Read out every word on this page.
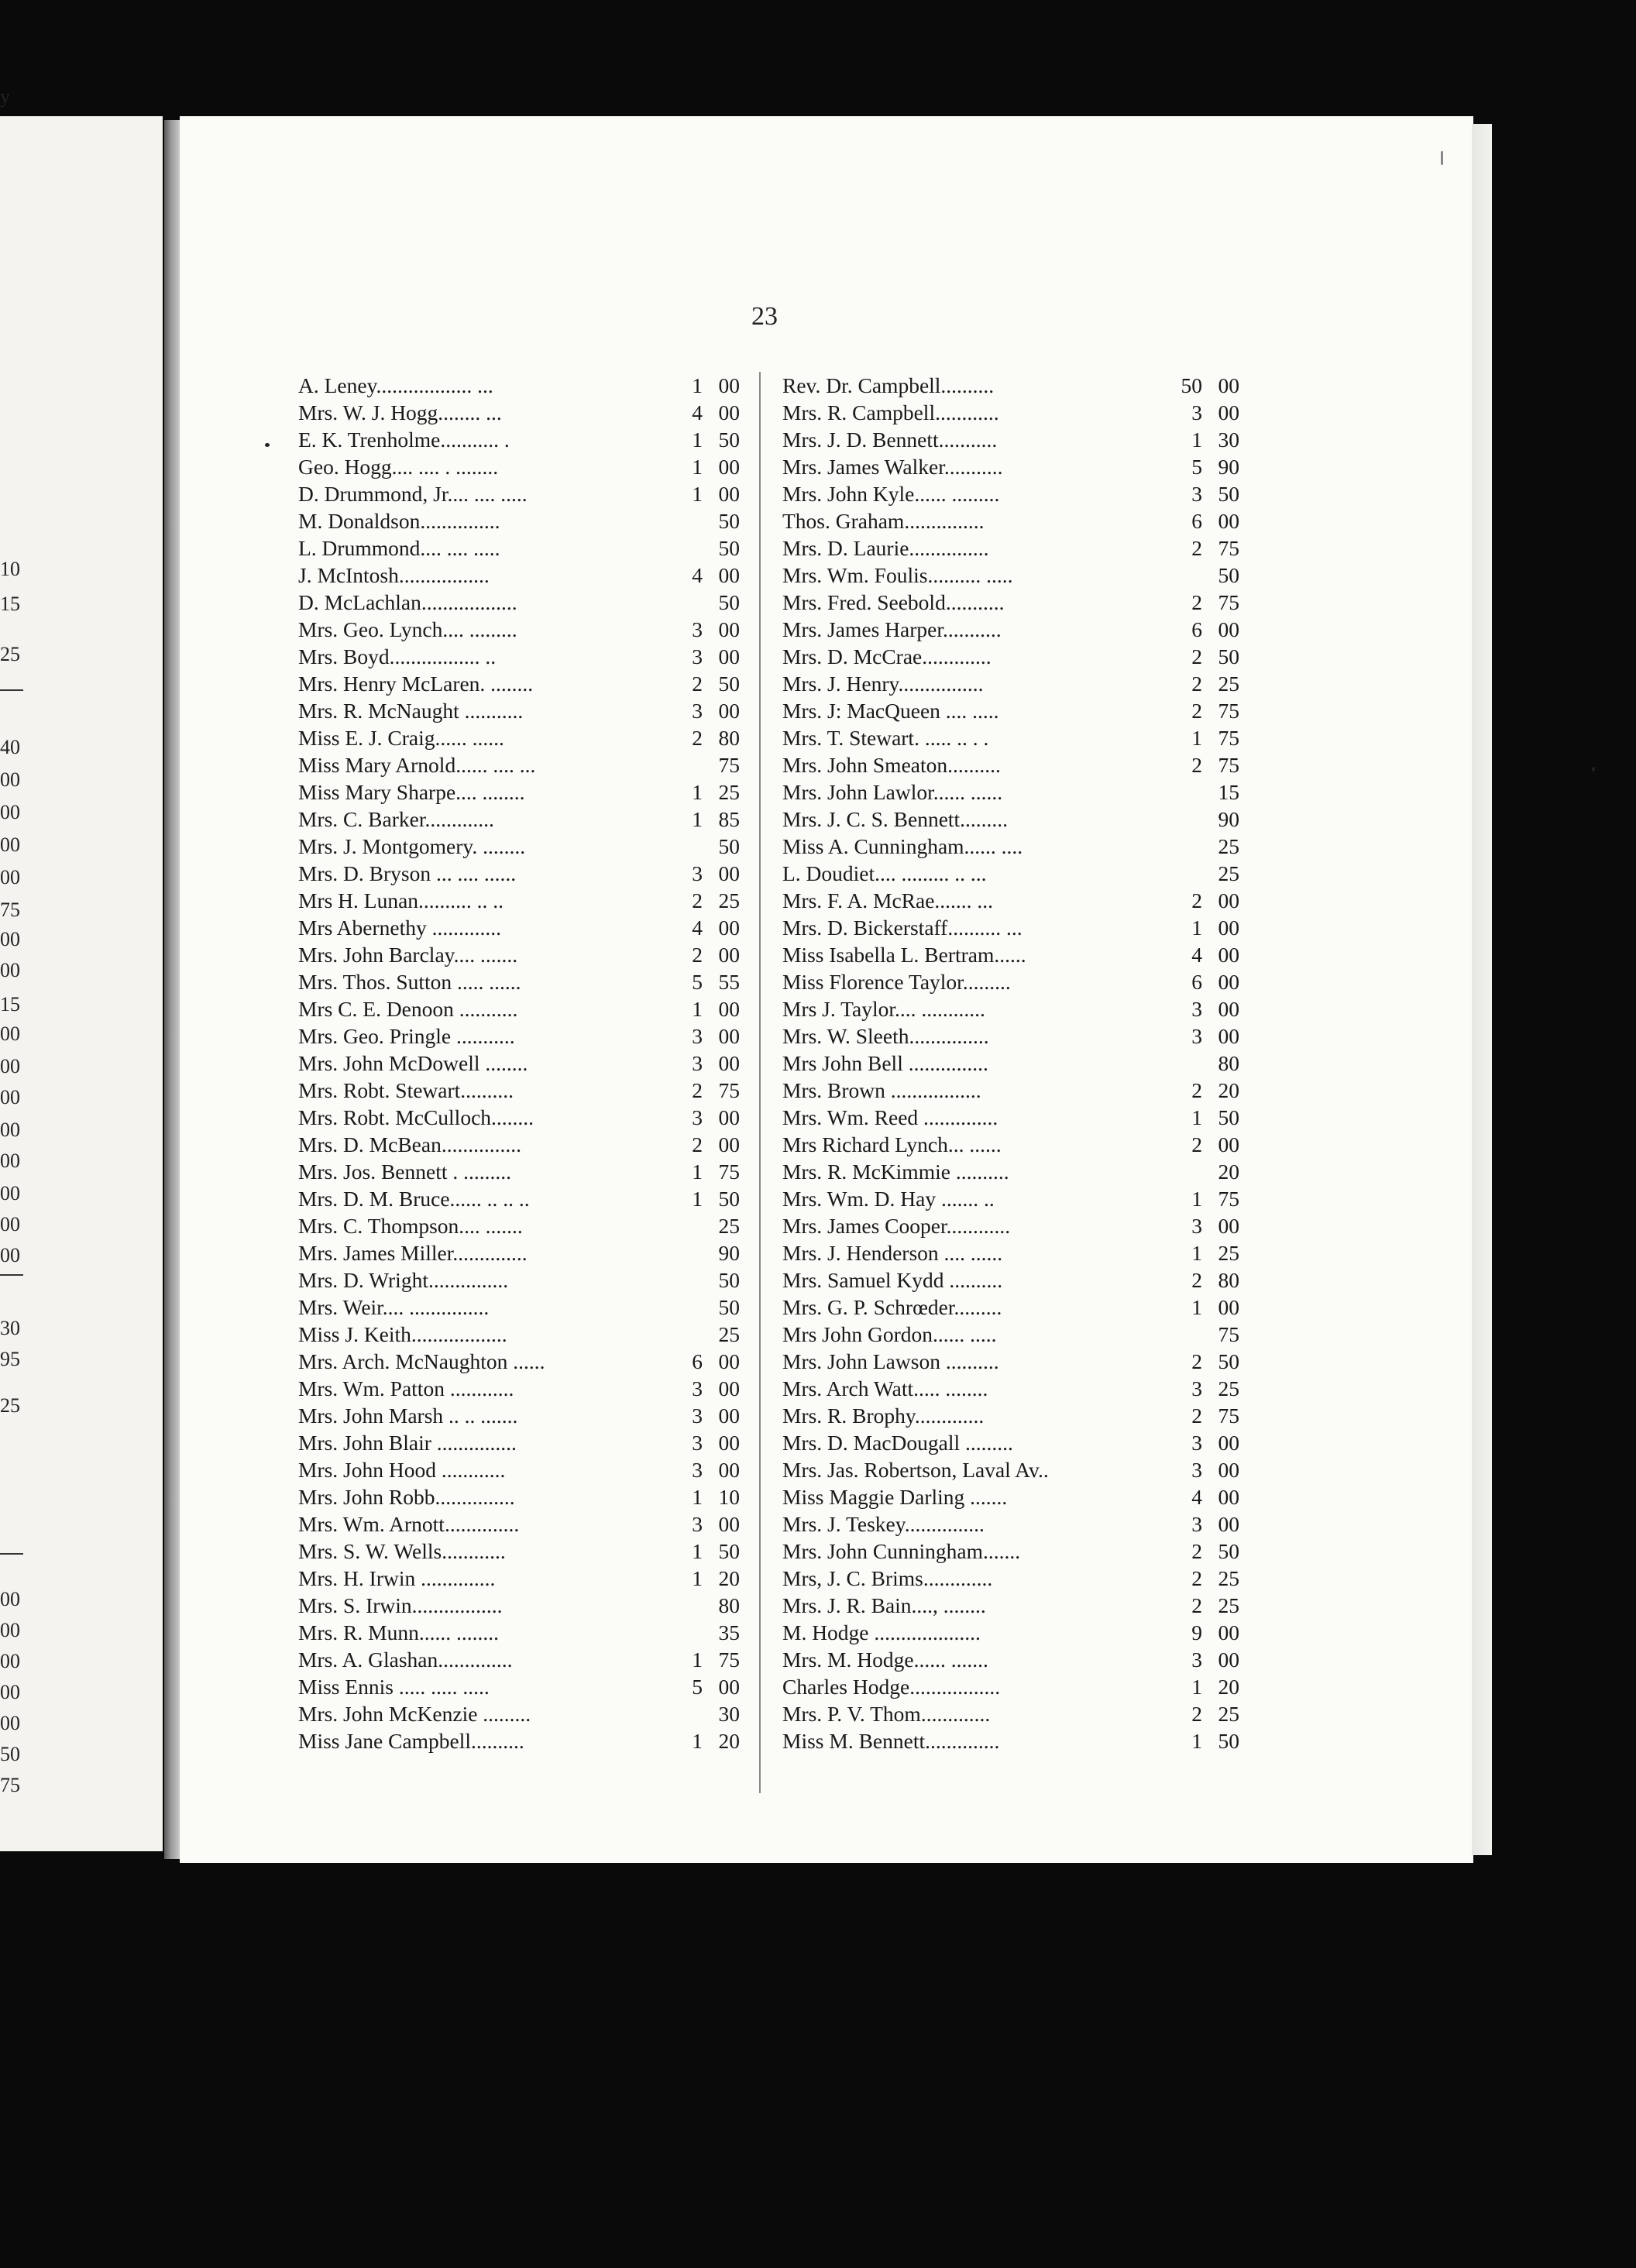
y
10
15
25
40
00
00
00
00
75
00
00
15
00
00
00
00
00
00
00
00
30
95
25
00
00
00
00
00
50
75
23
A. Leney.................. ...	1 00
Mrs. W. J. Hogg........ ...	4 00
E. K. Trenholme........... .	1 50
Geo. Hogg.... .... . ........	1 00
D. Drummond, Jr.... .... .....	1 00
M. Donaldson...............	50
L. Drummond.... .... .....	50
J. McIntosh.................	4 00
D. McLachlan..................	50
Mrs. Geo. Lynch.... .........	3 00
Mrs. Boyd................. ..	3 00
Mrs. Henry McLaren. ........	2 50
Mrs. R. McNaught ...........	3 00
Miss E. J. Craig...... ......	2 80
Miss Mary Arnold...... .... ...	75
Miss Mary Sharpe.... ........	1 25
Mrs. C. Barker.............	1 85
Mrs. J. Montgomery. ........	50
Mrs. D. Bryson ... .... ......	3 00
Mrs H. Lunan.......... .. ..	2 25
Mrs Abernethy .............	4 00
Mrs. John Barclay.... .......	2 00
Mrs. Thos. Sutton ..... ......	5 55
Mrs C. E. Denoon ...........	1 00
Mrs. Geo. Pringle ...........	3 00
Mrs. John McDowell ........	3 00
Mrs. Robt. Stewart..........	2 75
Mrs. Robt. McCulloch........	3 00
Mrs. D. McBean...............	2 00
Mrs. Jos. Bennett . .........	1 75
Mrs. D. M. Bruce...... .. .. ..	1 50
Mrs. C. Thompson.... .......	25
Mrs. James Miller..............	90
Mrs. D. Wright...............	50
Mrs. Weir.... ...............	50
Miss J. Keith..................	25
Mrs. Arch. McNaughton ......	6 00
Mrs. Wm. Patton ............	3 00
Mrs. John Marsh .. .. .......	3 00
Mrs. John Blair ...............	3 00
Mrs. John Hood ............	3 00
Mrs. John Robb...............	1 10
Mrs. Wm. Arnott..............	3 00
Mrs. S. W. Wells............	1 50
Mrs. H. Irwin ..............	1 20
Mrs. S. Irwin.................	80
Mrs. R. Munn...... ........	35
Mrs. A. Glashan..............	1 75
Miss Ennis ..... ..... .....	5 00
Mrs. John McKenzie .........	30
Miss Jane Campbell..........	1 20
Rev. Dr. Campbell..........	50 00
Mrs. R. Campbell............	3 00
Mrs. J. D. Bennett...........	1 30
Mrs. James Walker...........	5 90
Mrs. John Kyle...... .........	3 50
Thos. Graham...............	6 00
Mrs. D. Laurie...............	2 75
Mrs. Wm. Foulis.......... .....	50
Mrs. Fred. Seebold...........	2 75
Mrs. James Harper...........	6 00
Mrs. D. McCrae.............	2 50
Mrs. J. Henry................	2 25
Mrs. J: MacQueen .... .....	2 75
Mrs. T. Stewart. ..... .. . .	1 75
Mrs. John Smeaton..........	2 75
Mrs. John Lawlor...... ......	15
Mrs. J. C. S. Bennett.........	90
Miss A. Cunningham...... ....	25
L. Doudiet.... ......... .. ...	25
Mrs. F. A. McRae....... ...	2 00
Mrs. D. Bickerstaff.......... ...	1 00
Miss Isabella L. Bertram......	4 00
Miss Florence Taylor.........	6 00
Mrs J. Taylor.... ............	3 00
Mrs. W. Sleeth...............	3 00
Mrs John Bell ...............	80
Mrs. Brown .................	2 20
Mrs. Wm. Reed ..............	1 50
Mrs Richard Lynch... ......	2 00
Mrs. R. McKimmie ..........	20
Mrs. Wm. D. Hay ....... ..	1 75
Mrs. James Cooper............	3 00
Mrs. J. Henderson .... ......	1 25
Mrs. Samuel Kydd ..........	2 80
Mrs. G. P. Schrœder.........	1 00
Mrs John Gordon...... .....	75
Mrs. John Lawson ..........	2 50
Mrs. Arch Watt..... ........	3 25
Mrs. R. Brophy.............	2 75
Mrs. D. MacDougall .........	3 00
Mrs. Jas. Robertson, Laval Av..	3 00
Miss Maggie Darling .......	4 00
Mrs. J. Teskey...............	3 00
Mrs. John Cunningham.......	2 50
Mrs, J. C. Brims.............	2 25
Mrs. J. R. Bain...., ........	2 25
M. Hodge ....................	9 00
Mrs. M. Hodge...... .......	3 00
Charles Hodge.................	1 20
Mrs. P. V. Thom.............	2 25
Miss M. Bennett..............	1 50
